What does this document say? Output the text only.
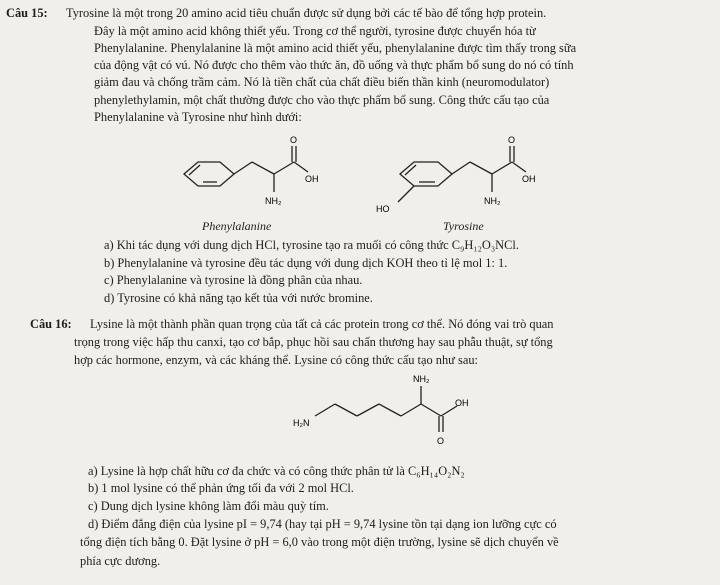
Câu 15: Tyrosine là một trong 20 amino acid tiêu chuẩn được sử dụng bởi các tế bào để tổng hợp protein.
Đây là một amino acid không thiết yếu. Trong cơ thể người, tyrosine được chuyển hóa từ
Phenylalanine. Phenylalanine là một amino acid thiết yếu, phenylalanine được tìm thấy trong sữa
của động vật có vú. Nó được cho thêm vào thức ăn, đồ uống và thực phẩm bổ sung do nó có tính
giảm đau và chống trầm cảm. Nó là tiền chất của chất điều biến thần kinh (neuromodulator)
phenylethylamin, một chất thường được cho vào thực phẩm bổ sung. Công thức cấu tạo của
Phenylalanine và Tyrosine như hình dưới:
O
OH
NH₂
Phenylalanine
O
OH
NH₂
HO
Tyrosine
a) Khi tác dụng với dung dịch HCl, tyrosine tạo ra muối có công thức C₉H₁₂O₃NCl.
b) Phenylalanine và tyrosine đều tác dụng với dung dịch KOH theo tỉ lệ mol 1: 1.
c) Phenylalanine và tyrosine là đồng phân của nhau.
d) Tyrosine có khả năng tạo kết tủa với nước bromine.
Câu 16: Lysine là một thành phần quan trọng của tất cả các protein trong cơ thể. Nó đóng vai trò quan
trọng trong việc hấp thu canxi, tạo cơ bắp, phục hồi sau chấn thương hay sau phẫu thuật, sự tổng
hợp các hormone, enzym, và các kháng thể. Lysine có công thức cấu tạo như sau:
NH₂
H₂N
OH
O
a) Lysine là hợp chất hữu cơ đa chức và có công thức phân tử là C₆H₁₄O₂N₂
b) 1 mol lysine có thể phản ứng tối đa với 2 mol HCl.
c) Dung dịch lysine không làm đổi màu quỳ tím.
d) Điểm đẳng điện của lysine pI = 9,74 (hay tại pH = 9,74 lysine tồn tại dạng ion lưỡng cực có
tổng điện tích bằng 0. Đặt lysine ở pH = 6,0 vào trong một điện trường, lysine sẽ dịch chuyển về
phía cực dương.
